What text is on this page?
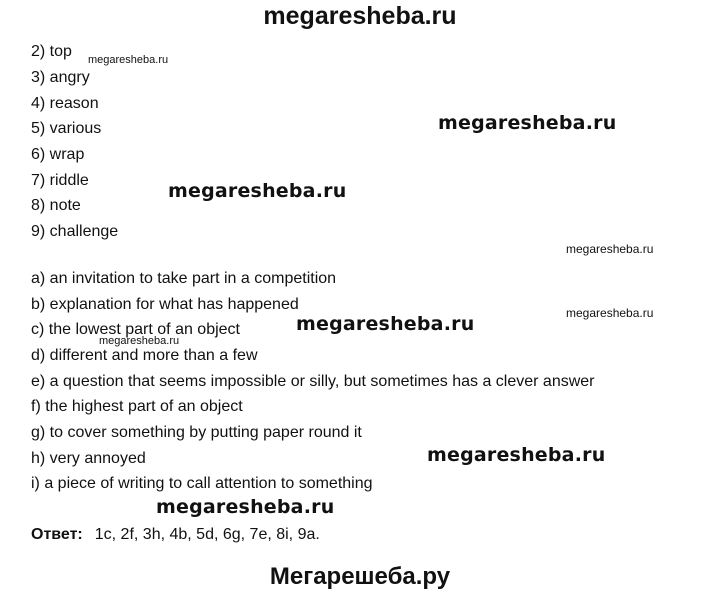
megaresheba.ru
2) top
3) angry
4) reason
5) various
6) wrap
7) riddle
8) note
9) challenge
a) an invitation to take part in a competition
b) explanation for what has happened
c) the lowest part of an object
d) different and more than a few
e) a question that seems impossible or silly, but sometimes has a clever answer
f) the highest part of an object
g) to cover something by putting paper round it
h) very annoyed
i) a piece of writing to call attention to something
Ответ: 1c, 2f, 3h, 4b, 5d, 6g, 7e, 8i, 9a.
megaresheba.ru
megaresheba.ru
megaresheba.ru
megaresheba.ru
megaresheba.ru
megaresheba.ru
megaresheba.ru
megaresheba.ru
megaresheba.ru
Мегарешеба.ру
